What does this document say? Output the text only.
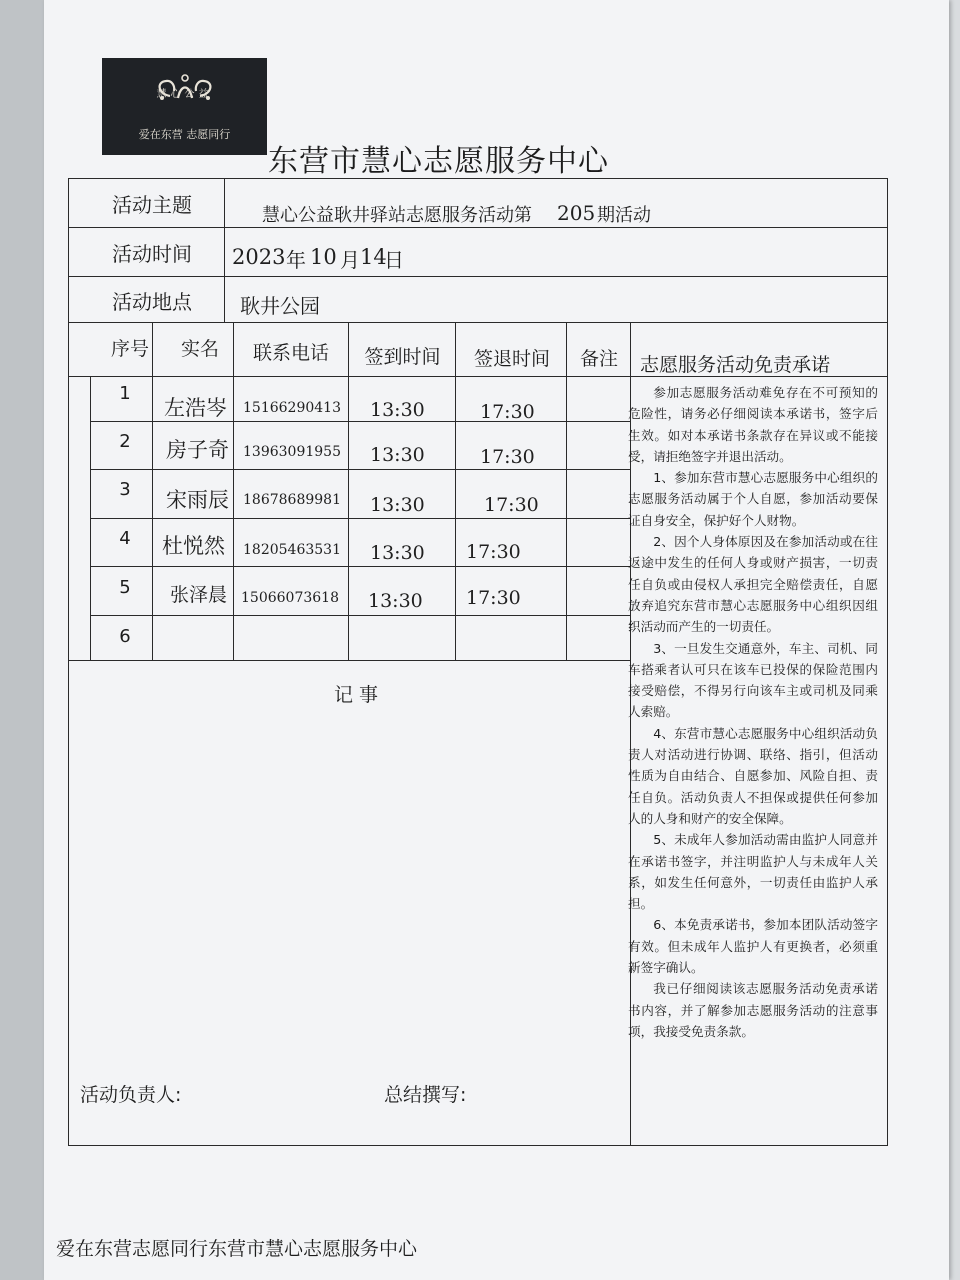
慧心公益
爱在东营 志愿同行
东营市慧心志愿服务中心
活动主题	慧心公益耿井驿站志愿服务活动第 205 期活动
活动时间 2023 年 10 月 14
日
活动地点 耿井公园
序号	实名	联系电话	签到时间	签退时间	备注
1
左浩岑 15166290413 13:30	17:30
2	房子奇 13963091955 13:30	17:30
3	宋雨辰 18678689981 13:30	17:30
4	杜悦然 18205463531 13:30 17:30
5	张泽晨 15066073618 13:30 17:30
6
记 事
活动负责人:	总结撰写:
志愿服务活动免责承诺

参加志愿服务活动难免存在不可预知的危险性，请务必仔细阅读本承诺书，签字后生效。如对本承诺书条款存在异议或不能接受，请拒绝签字并退出活动。

1、参加东营市慧心志愿服务中心组织的志愿服务活动属于个人自愿，参加活动要保证自身安全，保护好个人财物。

2、因个人身体原因及在参加活动或在往返途中发生的任何人身或财产损害，一切责任自负或由侵权人承担完全赔偿责任，自愿放弃追究东营市慧心志愿服务中心组织因组织活动而产生的一切责任。

3、一旦发生交通意外，车主、司机、同车搭乘者认可只在该车已投保的保险范围内接受赔偿，不得另行向该车主或司机及同乘人索赔。

4、东营市慧心志愿服务中心组织活动负责人对活动进行协调、联络、指引，但活动性质为自由结合、自愿参加、风险自担、责任自负。活动负责人不担保或提供任何参加人的人身和财产的安全保障。

5、未成年人参加活动需由监护人同意并在承诺书签字，并注明监护人与未成年人关系，如发生任何意外，一切责任由监护人承担。

6、本免责承诺书，参加本团队活动签字有效。但未成年人监护人有更换者，必须重新签字确认。

我已仔细阅读该志愿服务活动免责承诺书内容，并了解参加志愿服务活动的注意事项，我接受免责条款。

爱在东营志愿同行东营市慧心志愿服务中心
